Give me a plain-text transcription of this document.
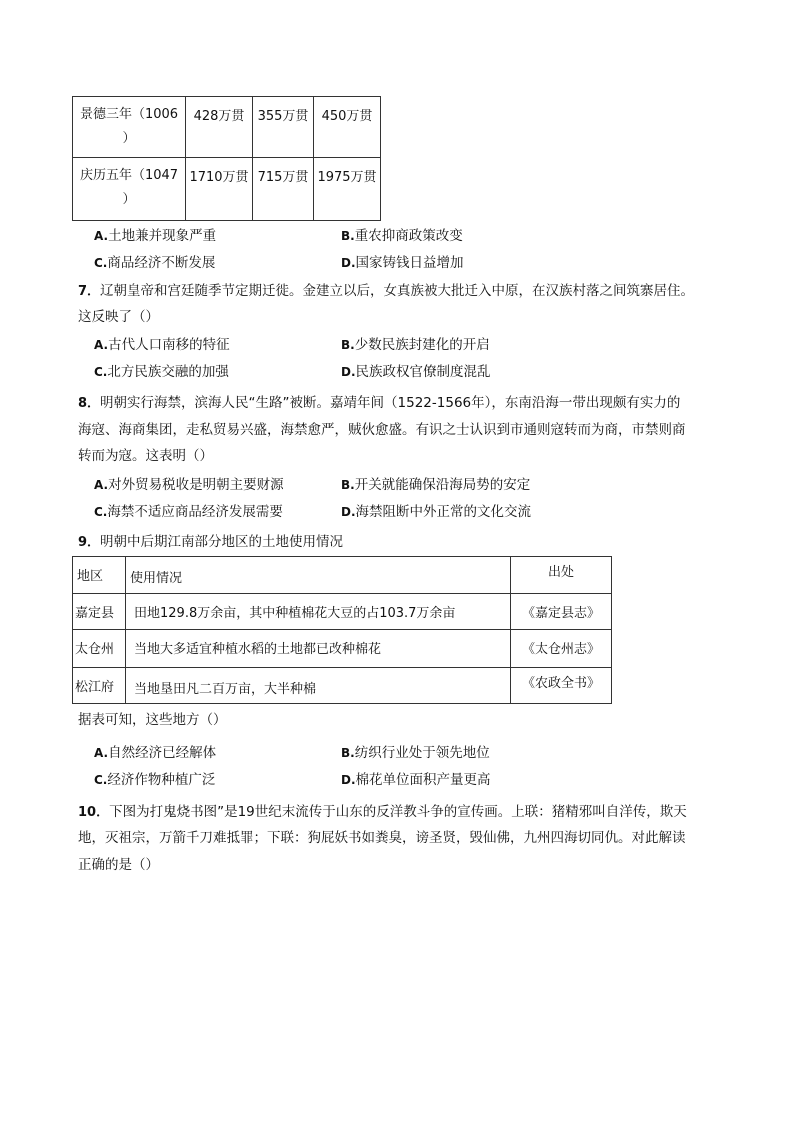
景德三年（1006
）	428万贯	355万贯	450万贯

庆历五年（1047
）	1710万贯	715万贯	1975万贯
A.土地兼并现象严重	B.重农抑商政策改变
C.商品经济不断发展	D.国家铸钱日益增加
7．辽朝皇帝和宫廷随季节定期迁徙。金建立以后，女真族被大批迁入中原，在汉族村落之间筑寨居住。
这反映了（）
A.古代人口南移的特征	B.少数民族封建化的开启
C.北方民族交融的加强	D.民族政权官僚制度混乱
8．明朝实行海禁，滨海人民“生路”被断。嘉靖年间（1522-1566年），东南沿海一带出现颇有实力的
海寇、海商集团，走私贸易兴盛，海禁愈严，贼伙愈盛。有识之士认识到市通则寇转而为商，市禁则商
转而为寇。这表明（）
A.对外贸易税收是明朝主要财源	B.开关就能确保沿海局势的安定
C.海禁不适应商品经济发展需要	D.海禁阻断中外正常的文化交流
9．明朝中后期江南部分地区的土地使用情况
地区	使用情况	出处
嘉定县	田地129.8万余亩，其中种植棉花大豆的占103.7万余亩	《嘉定县志》
太仓州	当地大多适宜种植水稻的土地都已改种棉花	《太仓州志》
松江府	当地垦田凡二百万亩，大半种棉	《农政全书》
据表可知，这些地方（）
A.自然经济已经解体	B.纺织行业处于领先地位
C.经济作物种植广泛	D.棉花单位面积产量更高
10．下图为打鬼烧书图”是19世纪末流传于山东的反洋教斗争的宣传画。上联：猪精邪叫自洋传，欺天
地，灭祖宗，万箭千刀难抵罪；下联：狗屁妖书如粪臭，谤圣贤，毁仙佛，九州四海切同仇。对此解读
正确的是（）
